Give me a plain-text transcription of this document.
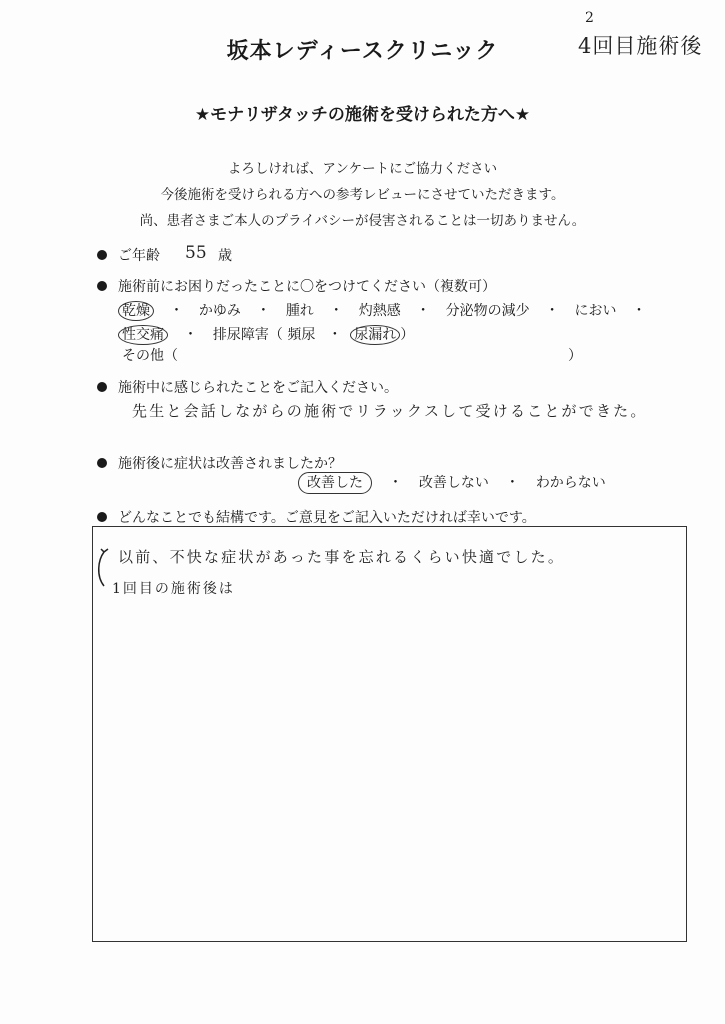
2
4回目施術後
坂本レディースクリニック
★モナリザタッチの施術を受けられた方へ★
よろしければ、アンケートにご協力ください
今後施術を受けられる方への参考レビューにさせていただきます。
尚、患者さまご本人のプライバシーが侵害されることは一切ありません。
ご年齢 55 歳
施術前にお困りだったことに〇をつけてください（複数可）
乾燥 ・ かゆみ ・ 腫れ ・ 灼熱感 ・ 分泌物の減少 ・ におい ・
性交痛 ・ 排尿障害（ 頻尿 ・ 尿漏れ ）
その他（	）
施術中に感じられたことをご記入ください。
先生と会話しながらの施術でリラックスして受けることができた。
施術後に症状は改善されましたか？
改善した ・ 改善しない ・ わからない
どんなことでも結構です。ご意見をご記入いただければ幸いです。
以前、不快な症状があった事を忘れるくらい快適でした。
1回目の施術後は
